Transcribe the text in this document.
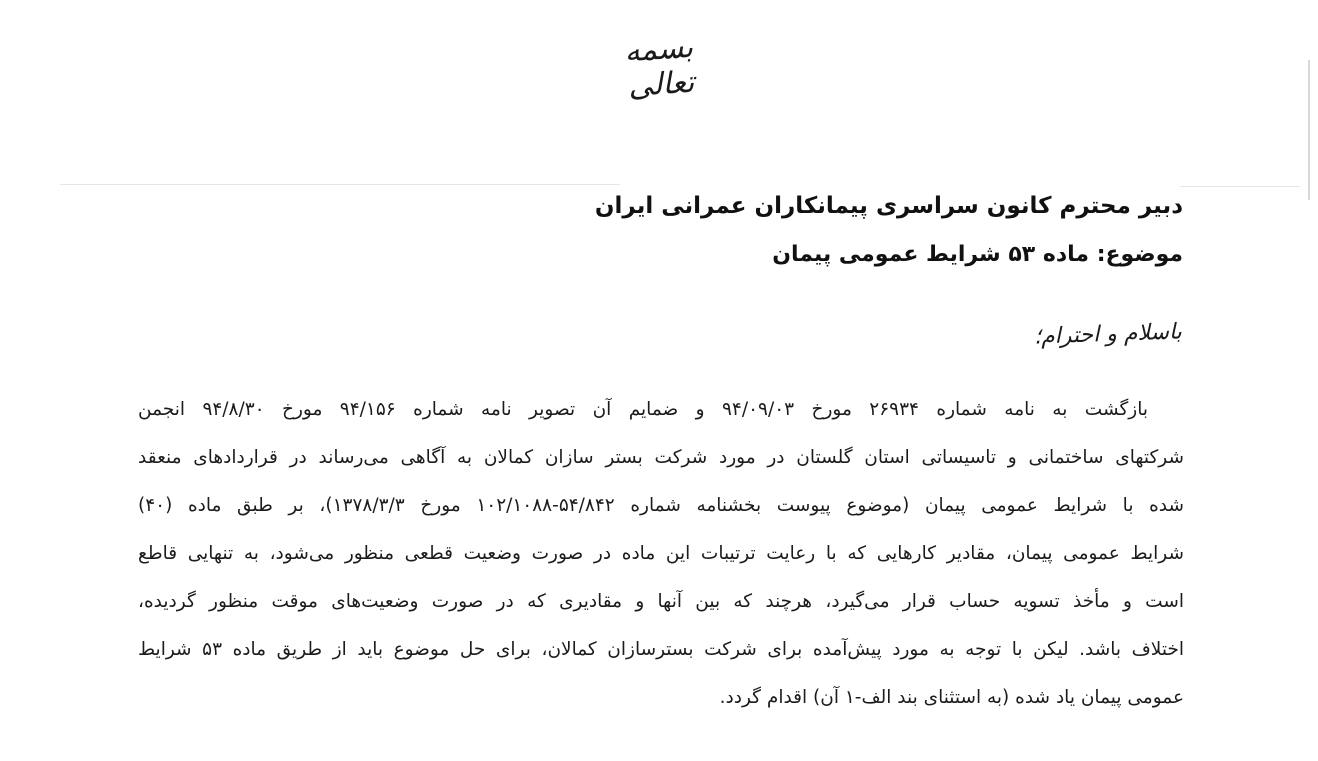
بسمه تعالی
دبیر محترم کانون سراسری پیمانکاران عمرانی ایران
موضوع: ماده ۵۳ شرایط عمومی پیمان
باسلام و احترام؛
بازگشت به نامه شماره ۲۶۹۳۴ مورخ ۹۴/۰۹/۰۳ و ضمایم آن تصویر نامه شماره ۹۴/۱۵۶ مورخ ۹۴/۸/۳۰ انجمن
شرکتهای ساختمانی و تاسیساتی استان گلستان در مورد شرکت بستر سازان کمالان به آگاهی می‌رساند در قراردادهای منعقد
شده با شرایط عمومی پیمان (موضوع پیوست بخشنامه شماره ۵۴/۸۴۲-۱۰۲/۱۰۸۸ مورخ ۱۳۷۸/۳/۳)، بر طبق ماده (۴۰)
شرایط عمومی پیمان، مقادیر کارهایی که با رعایت ترتیبات این ماده در صورت وضعیت قطعی منظور می‌شود، به تنهایی قاطع
است و مأخذ تسویه حساب قرار می‌گیرد، هرچند که بین آنها و مقادیری که در صورت وضعیت‌های موقت منظور گردیده،
اختلاف باشد. لیکن با توجه به مورد پیش‌آمده برای شرکت بسترسازان کمالان، برای حل موضوع باید از طریق ماده ۵۳ شرایط
عمومی پیمان یاد شده (به استثنای بند الف-۱ آن) اقدام گردد.
